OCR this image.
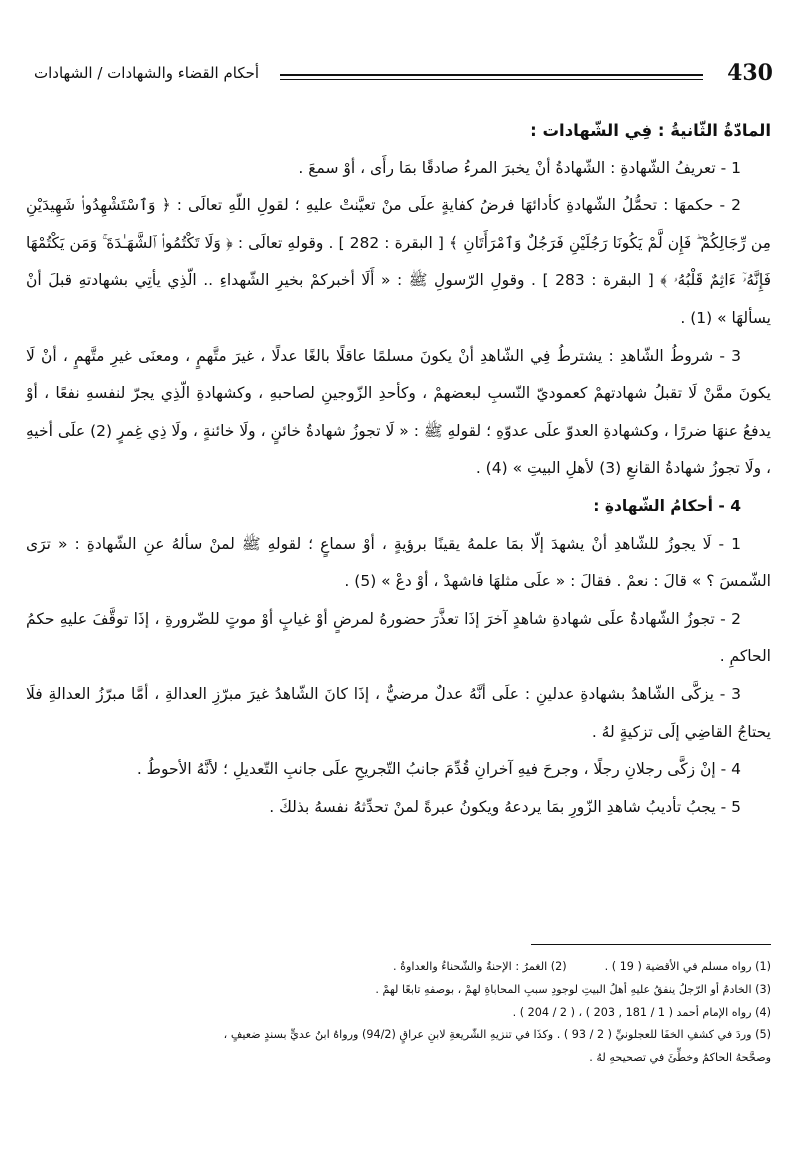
430
أحكام القضاء والشهادات / الشهادات

المادّةُ الثّانيةُ : فِي الشّهادات :

1 - تعريفُ الشّهادةِ : الشّهادةُ أنْ يخبرَ المرءُ صادقًا بمَا رأَى ، أوْ سمعَ .

2 - حكمهَا : تحمُّلُ الشّهادةِ كأدائهَا فرضُ كفايةٍ علَى منْ تعيَّنتْ عليهِ ؛ لقولِ اللّهِ تعالَى : ﴿ وَٱسْتَشْهِدُوا۟ شَهِيدَيْنِ مِن رِّجَالِكُمْ ۖ فَإِن لَّمْ يَكُونَا رَجُلَيْنِ فَرَجُلٌ وَٱمْرَأَتَانِ ﴾ [ البقرة : 282 ] . وقولهِ تعالَى : ﴿ وَلَا تَكْتُمُوا۟ ٱلشَّهَـٰدَةَ ۚ وَمَن يَكْتُمْهَا فَإِنَّهُۥٓ ءَاثِمٌ قَلْبُهُۥ ﴾ [ البقرة : 283 ] . وقولِ الرّسولِ ﷺ : « أَلَا أخبركمْ بخيرِ الشّهداءِ .. الّذِي يأتِي بشهادتهِ قبلَ أنْ يسألهَا » (1) .

3 - شروطُ الشّاهدِ : يشترطُ فِي الشّاهدِ أنْ يكونَ مسلمًا عاقلًا بالغًا عدلًا ، غيرَ متَّهمٍ ، ومعنَى غيرِ متَّهمٍ ، أنْ لَا يكونَ ممَّنْ لَا تقبلُ شهادتهمْ كعموديّ النّسبِ لبعضهمْ ، وكأحدِ الزّوجينِ لصاحبهِ ، وكشهادةِ الّذِي يجرّ لنفسهِ نفعًا ، أوْ يدفعُ عنهَا ضررًا ، وكشهادةِ العدوّ علَى عدوّهِ ؛ لقولهِ ﷺ : « لَا تجوزُ شهادةُ خائنٍ ، ولَا خائنةٍ ، ولَا ذِي غِمرٍ (2) علَى أخيهِ ، ولَا تجوزُ شهادةُ القانعِ (3) لأهلِ البيتِ » (4) .

4 - أحكامُ الشّهادةِ :

1 - لَا يجوزُ للشّاهدِ أنْ يشهدَ إلّا بمَا علمهُ يقينًا برؤيةٍ ، أوْ سماعٍ ؛ لقولهِ ﷺ لمنْ سألهُ عنِ الشّهادةِ : « ترَى الشّمسَ ؟ » قالَ : نعمْ . فقالَ : « علَى مثلهَا فاشهدْ ، أوْ دعْ » (5) .

2 - تجوزُ الشّهادةُ علَى شهادةِ شاهدٍ آخرَ إذَا تعذَّرَ حضورهُ لمرضٍ أوْ غيابٍ أوْ موتٍ للضّرورةِ ، إذَا توقَّفَ عليهِ حكمُ الحاكمِ .

3 - يزكَّى الشّاهدُ بشهادةِ عدلينِ : علَى أنَّهُ عدلٌ مرضيٌّ ، إذَا كانَ الشّاهدُ غيرَ مبرّزِ العدالةِ ، أمَّا مبرّزُ العدالةِ فلَا يحتاجُ القاضِي إلَى تزكيةٍ لهُ .

4 - إنْ زكَّى رجلانِ رجلًا ، وجرحَ فيهِ آخرانِ قُدِّمَ جانبُ التّجريحِ علَى جانبِ التّعديلِ ؛ لأنَّهُ الأحوطُ .

5 - يجبُ تأديبُ شاهدِ الزّورِ بمَا يردعهُ ويكونُ عبرةً لمنْ تحدِّثهُ نفسهُ بذلكَ .

(1) رواه مسلم في الأقضية ( 19 ) .

(2) الغمرُ : الإحنةُ والشّحناءُ والعداوةُ .

(3) الخادمُ أو الرّجلُ ينفقُ عليهِ أهلُ البيتِ لوجودِ سببِ المحاباةِ لهمْ ، بوصفهِ تابعًا لهمْ .

(4) رواه الإمام أحمد ( 1 / 181 , 203 ) ، ( 2 / 204 ) .

(5) وردَ في كشفِ الخفَا للعجلونيِّ ( 2 / 93 ) . وكذَا في تنزيهِ الشّريعةِ لابنِ عراقٍ (94/2) ورواهُ ابنُ عديٍّ بسندٍ ضعيفٍ ،

وصحَّحهُ الحاكمُ وخطِّئَ في تصحيحهِ لهُ .
